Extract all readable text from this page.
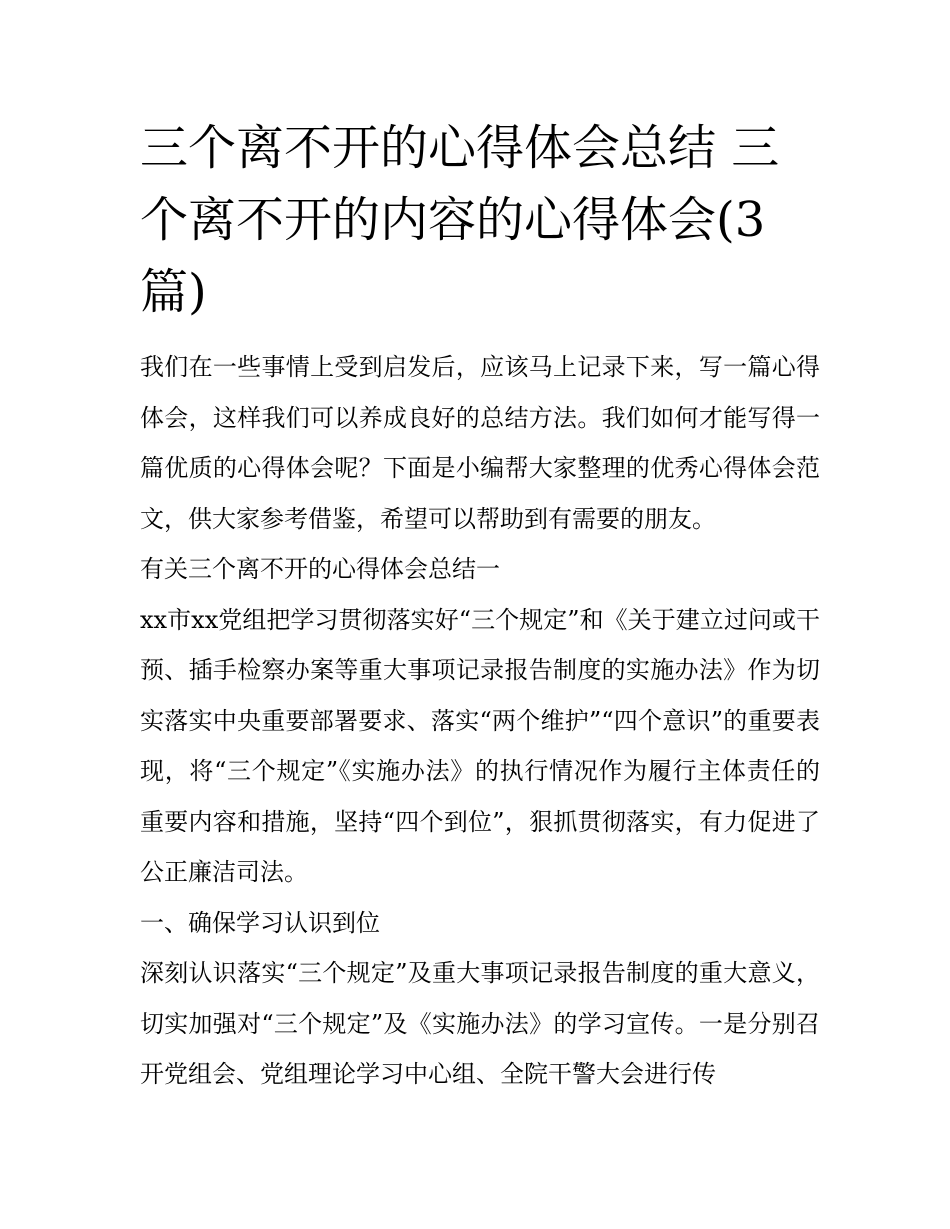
三个离不开的心得体会总结 三个离不开的内容的心得体会(3篇)

我们在一些事情上受到启发后，应该马上记录下来，写一篇心得体会，这样我们可以养成良好的总结方法。我们如何才能写得一篇优质的心得体会呢？下面是小编帮大家整理的优秀心得体会范文，供大家参考借鉴，希望可以帮助到有需要的朋友。

有关三个离不开的心得体会总结一

xx市xx党组把学习贯彻落实好“三个规定”和《关于建立过问或干预、插手检察办案等重大事项记录报告制度的实施办法》作为切实落实中央重要部署要求、落实“两个维护”“四个意识”的重要表现，将“三个规定”《实施办法》的执行情况作为履行主体责任的重要内容和措施，坚持“四个到位”，狠抓贯彻落实，有力促进了公正廉洁司法。

一、确保学习认识到位

深刻认识落实“三个规定”及重大事项记录报告制度的重大意义，切实加强对“三个规定”及《实施办法》的学习宣传。一是分别召开党组会、党组理论学习中心组、全院干警大会进行传
